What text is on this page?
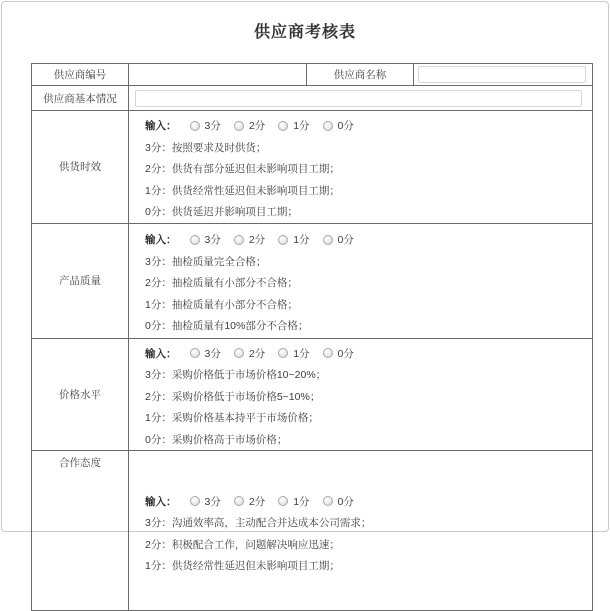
供应商考核表
供应商编号		供应商名称	

供应商基本情况	

供货时效	
输入：	3分	2分	1分	0分
3分：按照要求及时供货；
2分：供货有部分延迟但未影响项目工期；
1分：供货经常性延迟但未影响项目工期；
0分：供货延迟并影响项目工期；

产品质量	
输入：	3分	2分	1分	0分
3分：抽检质量完全合格；
2分：抽检质量有小部分不合格；
1分：抽检质量有小部分不合格；
0分：抽检质量有10%部分不合格；

价格水平	
输入：	3分	2分	1分	0分
3分：采购价格低于市场价格10~20%；
2分：采购价格低于市场价格5~10%；
1分：采购价格基本持平于市场价格；
0分：采购价格高于市场价格；

合作态度	
输入：	3分	2分	1分	0分
3分：沟通效率高，主动配合并达成本公司需求；
2分：积极配合工作，问题解决响应迅速；
1分：供货经常性延迟但未影响项目工期；
